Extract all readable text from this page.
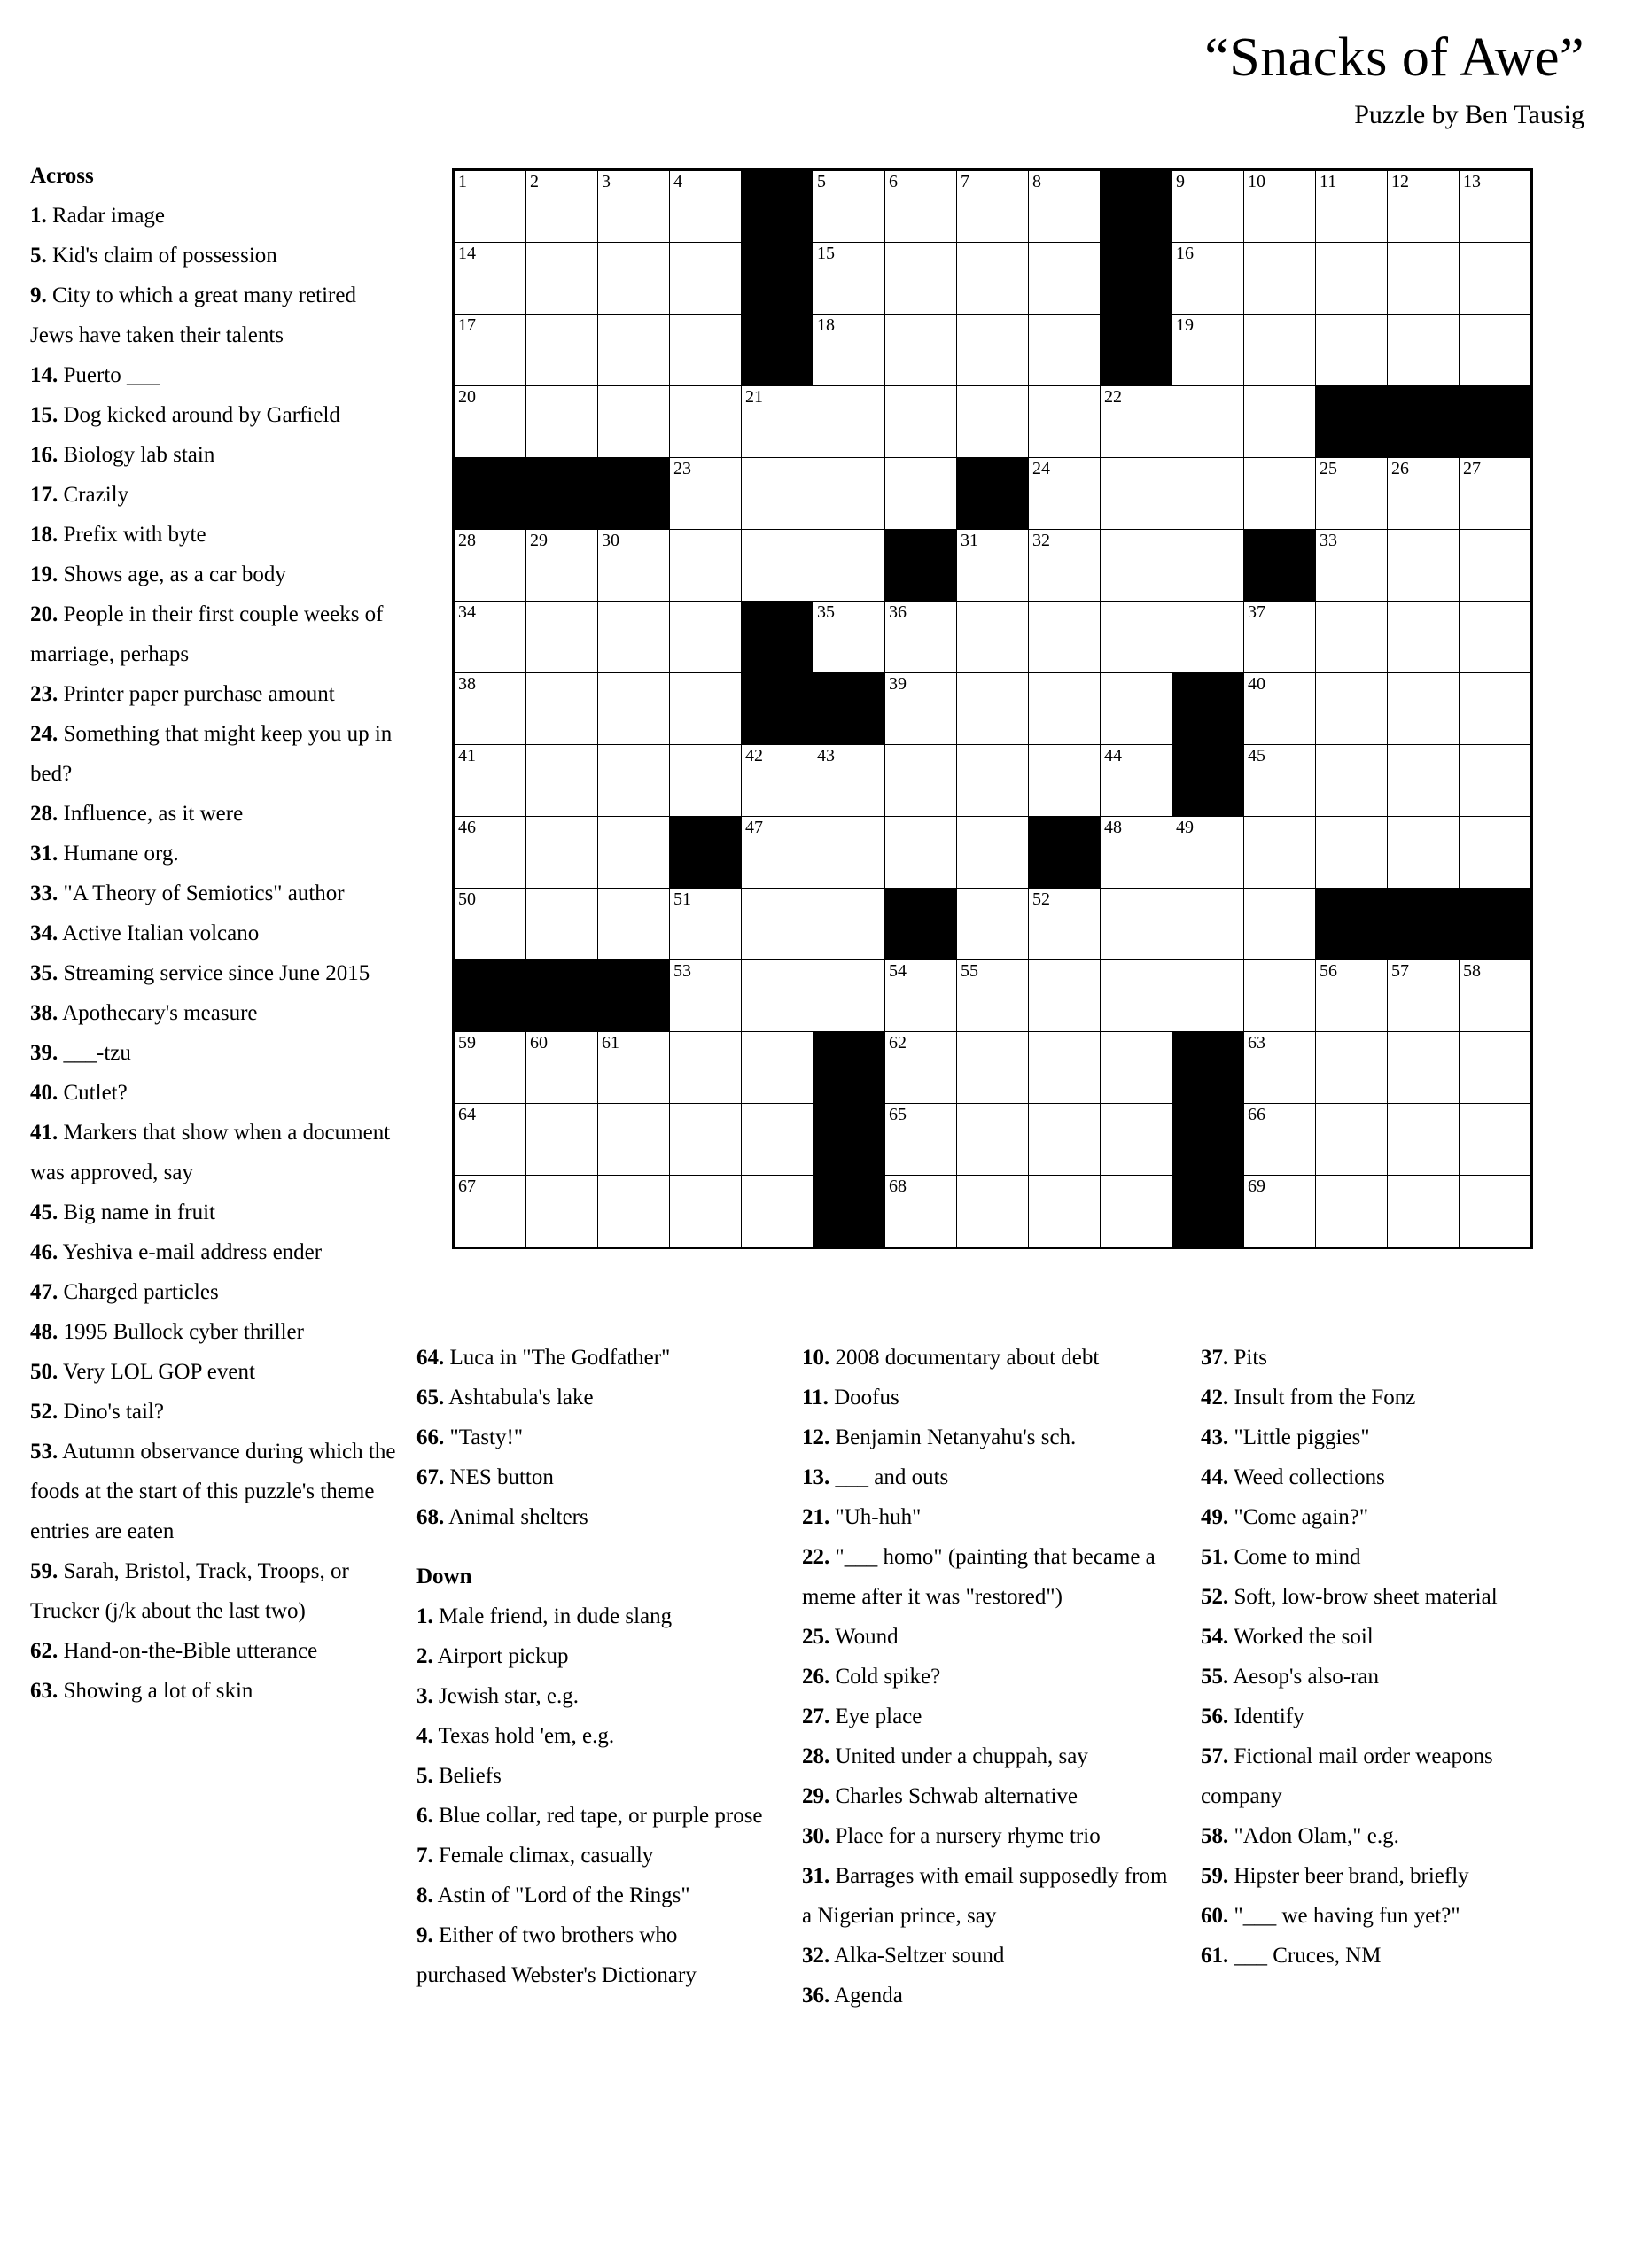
“Snacks of Awe”
Puzzle by Ben Tausig
1	2	3	4		5	6	7	8		9	10	11	12	13

14					15					16				

17					18					19				

20				21					22					

			23					24				25	26	27

28	29	30					31	32				33		

34					35	36					37			

38						39					40			

41				42	43				44		45			

46				47					48	49				

50			51					52						

			53			54	55					56	57	58

59	60	61				62					63			

64						65					66			

67						68					69			

Across
1. Radar image
5. Kid's claim of possession
9. City to which a great many retired Jews have taken their talents
14. Puerto ___
15. Dog kicked around by Garfield
16. Biology lab stain
17. Crazily
18. Prefix with byte
19. Shows age, as a car body
20. People in their first couple weeks of marriage, perhaps
23. Printer paper purchase amount
24. Something that might keep you up in bed?
28. Influence, as it were
31. Humane org.
33. "A Theory of Semiotics" author
34. Active Italian volcano
35. Streaming service since June 2015
38. Apothecary's measure
39. ___-tzu
40. Cutlet?
41. Markers that show when a document was approved, say
45. Big name in fruit
46. Yeshiva e-mail address ender
47. Charged particles
48. 1995 Bullock cyber thriller
50. Very LOL GOP event
52. Dino's tail?
53. Autumn observance during which the foods at the start of this puzzle's theme entries are eaten
59. Sarah, Bristol, Track, Troops, or Trucker (j/k about the last two)
62. Hand-on-the-Bible utterance
63. Showing a lot of skin
64. Luca in "The Godfather"
65. Ashtabula's lake
66. "Tasty!"
67. NES button
68. Animal shelters
Down
1. Male friend, in dude slang
2. Airport pickup
3. Jewish star, e.g.
4. Texas hold 'em, e.g.
5. Beliefs
6. Blue collar, red tape, or purple prose
7. Female climax, casually
8. Astin of "Lord of the Rings"
9. Either of two brothers who purchased Webster's Dictionary
10. 2008 documentary about debt
11. Doofus
12. Benjamin Netanyahu's sch.
13. ___ and outs
21. "Uh-huh"
22. "___ homo" (painting that became a meme after it was "restored")
25. Wound
26. Cold spike?
27. Eye place
28. United under a chuppah, say
29. Charles Schwab alternative
30. Place for a nursery rhyme trio
31. Barrages with email supposedly from a Nigerian prince, say
32. Alka-Seltzer sound
36. Agenda
37. Pits
42. Insult from the Fonz
43. "Little piggies"
44. Weed collections
49. "Come again?"
51. Come to mind
52. Soft, low-brow sheet material
54. Worked the soil
55. Aesop's also-ran
56. Identify
57. Fictional mail order weapons company
58. "Adon Olam," e.g.
59. Hipster beer brand, briefly
60. "___ we having fun yet?"
61. ___ Cruces, NM
